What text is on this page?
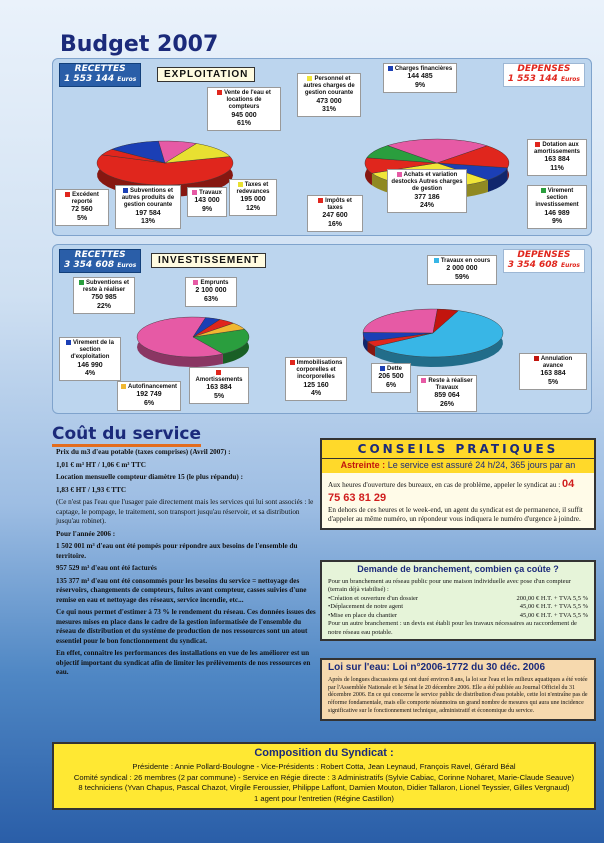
Budget 2007
RECETTES
1 553 144 Euros	EXPLOITATION	DEPENSES
1 553 144 Euros
Vente de l'eau et locations de compteurs
945 000
61%
Excédent reporté
72 560
5%
Subventions et autres produits de gestion courante
197 584
13%
Travaux
143 000
9%
Taxes et redevances
195 000
12%
Charges financières
144 485
9%
Personnel et autres charges de gestion courante
473 000
31%
Dotation aux amortissements
163 884
11%
Virement section investissement
146 989
9%
Achats et variation destocks Autres charges de gestion
377 186
24%
Impôts et taxes
247 600
16%
RECETTES
3 354 608 Euros	INVESTISSEMENT	DEPENSES
3 354 608 Euros
Subventions et reste à réaliser
750 985
22%
Emprunts
2 100 000
63%
Virement de la section d'exploitation
146 990
4%
Amortissements
163 884
5%
Autofinancement
192 749
6%
Travaux en cours
2 000 000
59%
Immobilisations corporelles et incorporelles
125 160
4%
Dette
206 500
6%
Reste à réaliser Travaux
859 064
26%
Annulation avance
163 884
5%
Coût du service

Prix du m3 d'eau potable (taxes comprises) (Avril 2007) :

1,01 € m³ HT / 1,06 € m³ TTC

Location mensuelle compteur diamètre 15 (le plus répandu) :

1,83 € HT / 1,93 € TTC

(Ce n'est pas l'eau que l'usager paie directement mais les services qui lui sont associés : le captage, le pompage, le traitement, son transport jusqu'au réservoir, et sa distribution jusqu'au robinet).

Pour l'année 2006 :

1 502 001 m³ d'eau ont été pompés pour répondre aux besoins de l'ensemble du territoire.

957 529 m³ d'eau ont été facturés

135 377 m³ d'eau ont été consommés pour les besoins du service = nettoyage des réservoirs, changements de compteurs, fuites avant compteur, casses suivies d'une remise en eau et nettoyage des réseaux, service incendie, etc...

Ce qui nous permet d'estimer à 73 % le rendement du réseau. Ces données issues des mesures mises en place dans le cadre de la gestion informatisée de l'ensemble du réseau de distribution et du système de production de nos ressources sont un atout essentiel pour le bon fonctionnement du syndicat.

En effet, connaître les performances des installations en vue de les améliorer est un objectif important du syndicat afin de limiter les prélèvements de nos ressources en eau.

CONSEILS PRATIQUES
Astreinte : Le service est assuré 24 h/24, 365 jours par an
Aux heures d'ouverture des bureaux, en cas de problème, appeler le syndicat au : 04 75 63 81 29
En dehors de ces heures et le week-end, un agent du syndicat est de permanence, il suffit d'appeler au même numéro, un répondeur vous indiquera le numéro d'urgence à joindre.
Demande de branchement, combien ça coûte ?

Pour un branchement au réseau public pour une maison individuelle avec pose d'un compteur (terrain déjà viabilisé) :

•Création et ouverture d'un dossier	200,00 € H.T. + TVA 5,5 %
•Déplacement de notre agent	45,00 € H.T. + TVA 5,5 %
•Mise en place du chantier	45,00 € H.T. + TVA 5,5 %

Pour un autre branchement : un devis est établi pour les travaux nécessaires au raccordement de notre réseau eau potable.

Loi sur l'eau: Loi n°2006-1772 du 30 déc. 2006
Après de longues discussions qui ont duré environ 8 ans, la loi sur l'eau et les milieux aquatiques a été votée par l'Assemblée Nationale et le Sénat le 20 décembre 2006. Elle a été publiée au Journal Officiel du 31 décembre 2006. En ce qui concerne le service public de distribution d'eau potable, cette loi n'entraîne pas de réforme fondamentale, mais elle comporte néanmoins un grand nombre de mesures qui aura une incidence significative sur le fonctionnement technique, administratif et économique du service.
Composition du Syndicat :

Présidente : Annie Pollard-Boulogne - Vice-Présidents : Robert Cotta, Jean Leynaud, François Ravel, Gérard Béal

Comité syndical : 26 membres (2 par commune) - Service en Régie directe : 3 Administratifs (Sylvie Cabiac, Corinne Noharet, Marie-Claude Seauve)

8 techniciens (Yvan Chapus, Pascal Chazot, Virgile Feroussier, Philippe Laffont, Damien Mouton, Didier Tallaron, Lionel Teyssier, Gilles Vergnaud)

1 agent pour l'entretien (Régine Castillon)
